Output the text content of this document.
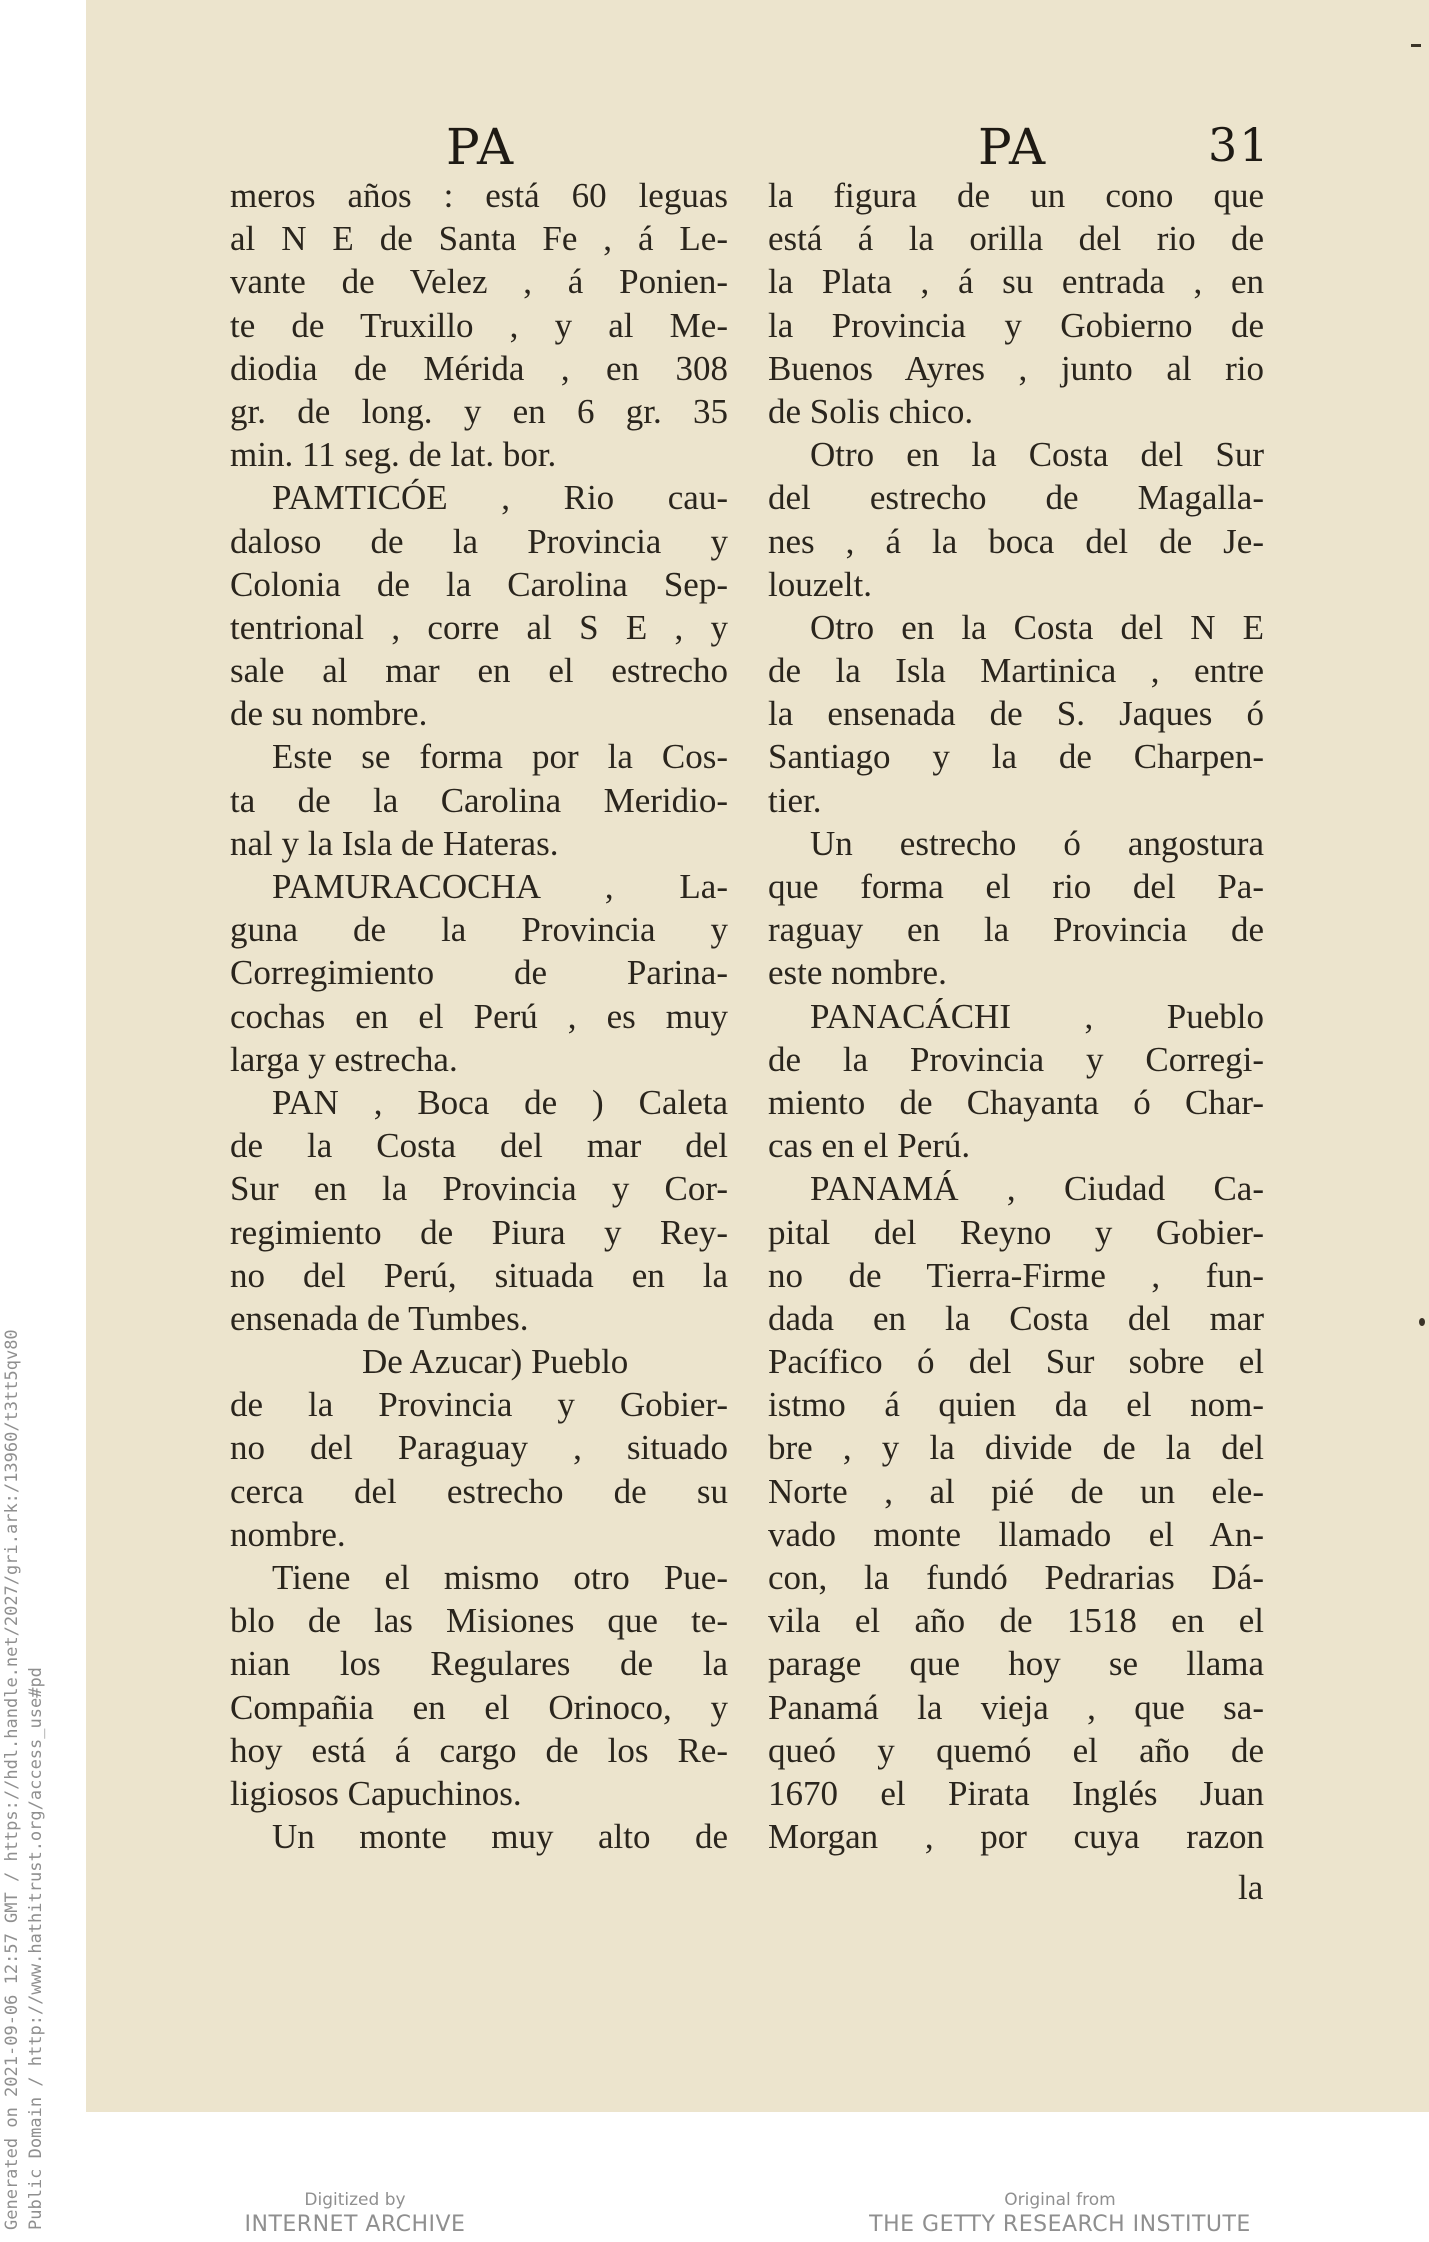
PA	PA	31
meros años : está 60 leguas
al N E de Santa Fe , á Le-
vante de Velez , á Ponien-
te de Truxillo , y al Me-
diodia de Mérida , en 308
gr. de long. y en 6 gr. 35
min. 11 seg. de lat. bor.
PAMTICÓE , Rio cau-
daloso de la Provincia y
Colonia de la Carolina Sep-
tentrional , corre al S E , y
sale al mar en el estrecho
de su nombre.
Este se forma por la Cos-
ta de la Carolina Meridio-
nal y la Isla de Hateras.
PAMURACOCHA , La-
guna de la Provincia y
Corregimiento de Parina-
cochas en el Perú , es muy
larga y estrecha.
PAN , Boca de ) Caleta
de la Costa del mar del
Sur en la Provincia y Cor-
regimiento de Piura y Rey-
no del Perú, situada en la
ensenada de Tumbes.
De Azucar) Pueblo
de la Provincia y Gobier-
no del Paraguay , situado
cerca del estrecho de su
nombre.
Tiene el mismo otro Pue-
blo de las Misiones que te-
nian los Regulares de la
Compañia en el Orinoco, y
hoy está á cargo de los Re-
ligiosos Capuchinos.
Un monte muy alto de
la figura de un cono que
está á la orilla del rio de
la Plata , á su entrada , en
la Provincia y Gobierno de
Buenos Ayres , junto al rio
de Solis chico.
Otro en la Costa del Sur
del estrecho de Magalla-
nes , á la boca del de Je-
louzelt.
Otro en la Costa del N E
de la Isla Martinica , entre
la ensenada de S. Jaques ó
Santiago y la de Charpen-
tier.
Un estrecho ó angostura
que forma el rio del Pa-
raguay en la Provincia de
este nombre.
PANACÁCHI , Pueblo
de la Provincia y Corregi-
miento de Chayanta ó Char-
cas en el Perú.
PANAMÁ , Ciudad Ca-
pital del Reyno y Gobier-
no de Tierra-Firme , fun-
dada en la Costa del mar
Pacífico ó del Sur sobre el
istmo á quien da el nom-
bre , y la divide de la del
Norte , al pié de un ele-
vado monte llamado el An-
con, la fundó Pedrarias Dá-
vila el año de 1518 en el
parage que hoy se llama
Panamá la vieja , que sa-
queó y quemó el año de
1670 el Pirata Inglés Juan
Morgan , por cuya razon
la
Generated on 2021-09-06 12:57 GMT / https://hdl.handle.net/2027/gri.ark:/13960/t3tt5qv80 Public Domain / http://www.hathitrust.org/access_use#pd	Digitized by
INTERNET ARCHIVE
Original from
THE GETTY RESEARCH INSTITUTE
